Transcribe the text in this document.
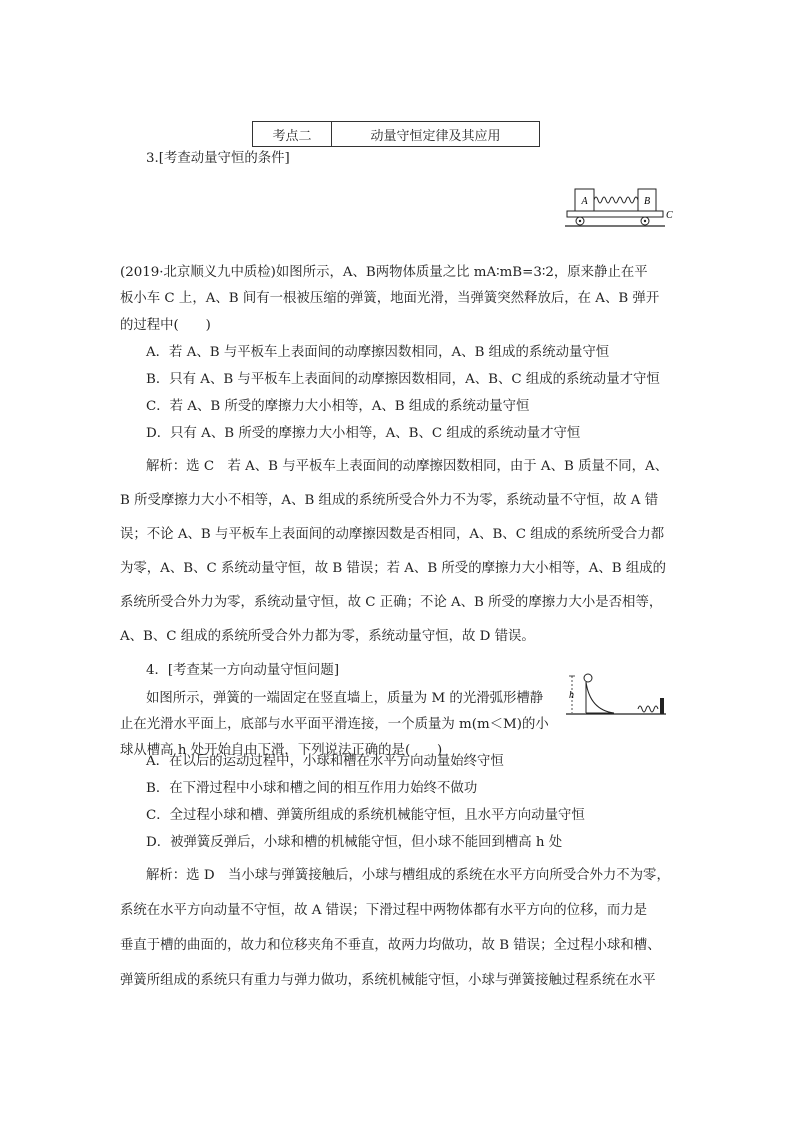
考点二	动量守恒定律及其应用
3.[考查动量守恒的条件]
A	B
C
(2019·北京顺义九中质检)如图所示，A、B两物体质量之比 mA∶mB=3∶2，原来静止在平
板小车 C 上，A、B 间有一根被压缩的弹簧，地面光滑，当弹簧突然释放后，在 A、B 弹开
的过程中(　　)
A．若 A、B 与平板车上表面间的动摩擦因数相同，A、B 组成的系统动量守恒
B．只有 A、B 与平板车上表面间的动摩擦因数相同，A、B、C 组成的系统动量才守恒
C．若 A、B 所受的摩擦力大小相等，A、B 组成的系统动量守恒
D．只有 A、B 所受的摩擦力大小相等，A、B、C 组成的系统动量才守恒
解析：选 C　若 A、B 与平板车上表面间的动摩擦因数相同，由于 A、B 质量不同，A、
B 所受摩擦力大小不相等，A、B 组成的系统所受合外力不为零，系统动量不守恒，故 A 错
误；不论 A、B 与平板车上表面间的动摩擦因数是否相同，A、B、C 组成的系统所受合力都
为零，A、B、C 系统动量守恒，故 B 错误；若 A、B 所受的摩擦力大小相等，A、B 组成的
系统所受合外力为零，系统动量守恒，故 C 正确；不论 A、B 所受的摩擦力大小是否相等，
A、B、C 组成的系统所受合外力都为零，系统动量守恒，故 D 错误。
4．[考查某一方向动量守恒问题]
如图所示，弹簧的一端固定在竖直墙上，质量为 M 的光滑弧形槽静
止在光滑水平面上，底部与水平面平滑连接，一个质量为 m(m＜M)的小
球从槽高 h 处开始自由下滑，下列说法正确的是(　　)
h
A．在以后的运动过程中，小球和槽在水平方向动量始终守恒
B．在下滑过程中小球和槽之间的相互作用力始终不做功
C．全过程小球和槽、弹簧所组成的系统机械能守恒，且水平方向动量守恒
D．被弹簧反弹后，小球和槽的机械能守恒，但小球不能回到槽高 h 处
解析：选 D　当小球与弹簧接触后，小球与槽组成的系统在水平方向所受合外力不为零，
系统在水平方向动量不守恒，故 A 错误；下滑过程中两物体都有水平方向的位移，而力是
垂直于槽的曲面的，故力和位移夹角不垂直，故两力均做功，故 B 错误；全过程小球和槽、
弹簧所组成的系统只有重力与弹力做功，系统机械能守恒，小球与弹簧接触过程系统在水平
